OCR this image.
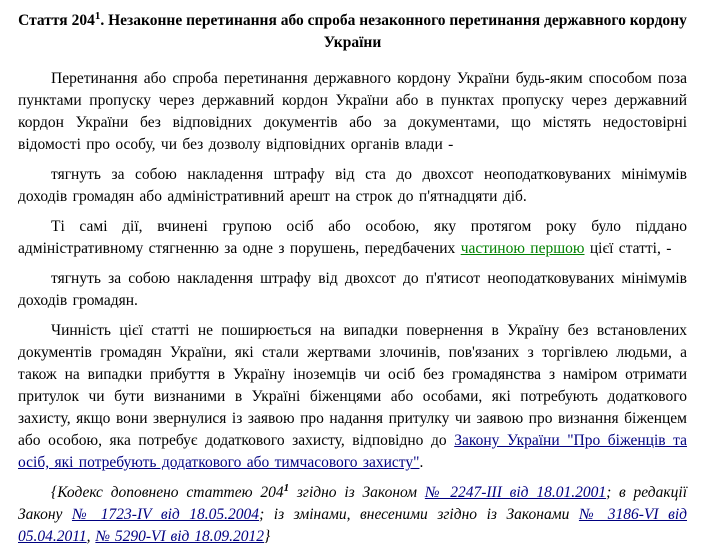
Стаття $204^1$. Незаконне перетинання або спроба незаконного перетинання державного кордону України

Перетинання або спроба перетинання державного кордону України будь-яким способом поза пунктами пропуску через державний кордон України або в пунктах пропуску через державний кордон України без відповідних документів або за документами, що містять недостовірні відомості про особу, чи без дозволу відповідних органів влади -

тягнуть за собою накладення штрафу від ста до двохсот неоподатковуваних мінімумів доходів громадян або адміністративний арешт на строк до п'ятнадцяти діб.

Ті самі дії, вчинені групою осіб або особою, яку протягом року було піддано адміністративному стягненню за одне з порушень, передбачених частиною першою цієї статті, -

тягнуть за собою накладення штрафу від двохсот до п'ятисот неоподатковуваних мінімумів доходів громадян.

Чинність цієї статті не поширюється на випадки повернення в Україну без встановлених документів громадян України, які стали жертвами злочинів, пов'язаних з торгівлею людьми, а також на випадки прибуття в Україну іноземців чи осіб без громадянства з наміром отримати притулок чи бути визнаними в Україні біженцями або особами, які потребують додаткового захисту, якщо вони звернулися із заявою про надання притулку чи заявою про визнання біженцем або особою, яка потребує додаткового захисту, відповідно до Закону України "Про біженців та осіб, які потребують додаткового або тимчасового захисту".

{Кодекс доповнено статтею $204^1$ згідно із Законом № 2247-III від 18.01.2001; в редакції Закону № 1723-IV від 18.05.2004; із змінами, внесеними згідно із Законами № 3186-VI від 05.04.2011, № 5290-VI від 18.09.2012}
